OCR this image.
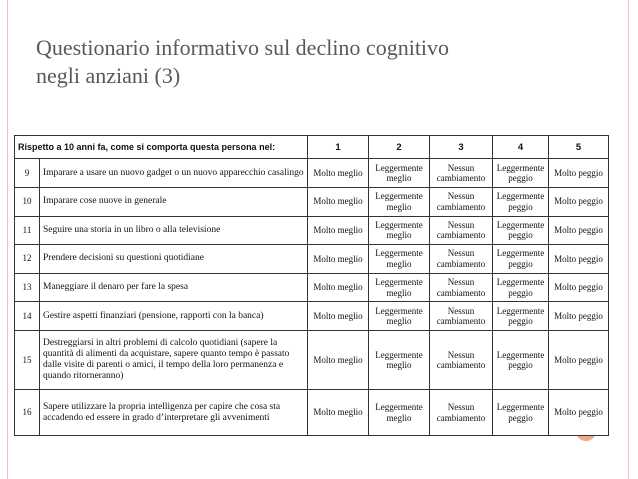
Questionario informativo sul declino cognitivo
negli anziani (3)
Rispetto a 10 anni fa, come si comporta questa persona nel:		1	2	3	4	5
9	Imparare a usare un nuovo gadget o un nuovo apparecchio casalingo	Molto meglio	Leggermente meglio	Nessun cambiamento	Leggermente peggio	Molto peggio
10	Imparare cose nuove in generale	Molto meglio	Leggermente meglio	Nessun cambiamento	Leggermente peggio	Molto peggio
11	Seguire una storia in un libro o alla televisione	Molto meglio	Leggermente meglio	Nessun cambiamento	Leggermente peggio	Molto peggio
12	Prendere decisioni su questioni quotidiane	Molto meglio	Leggermente meglio	Nessun cambiamento	Leggermente peggio	Molto peggio
13	Maneggiare il denaro per fare la spesa	Molto meglio	Leggermente meglio	Nessun cambiamento	Leggermente peggio	Molto peggio
14	Gestire aspetti finanziari (pensione, rapporti con la banca)	Molto meglio	Leggermente meglio	Nessun cambiamento	Leggermente peggio	Molto peggio
15	Destreggiarsi in altri problemi di calcolo quotidiani (sapere la quantità di alimenti da acquistare, sapere quanto tempo è passato dalle visite di parenti o amici, il tempo della loro permanenza e quando ritorneranno)	Molto meglio	Leggermente meglio	Nessun cambiamento	Leggermente peggio	Molto peggio
16	Sapere utilizzare la propria intelligenza per capire che cosa sta accadendo ed essere in grado d’interpretare gli avvenimenti	Molto meglio	Leggermente meglio	Nessun cambiamento	Leggermente peggio	Molto peggio
